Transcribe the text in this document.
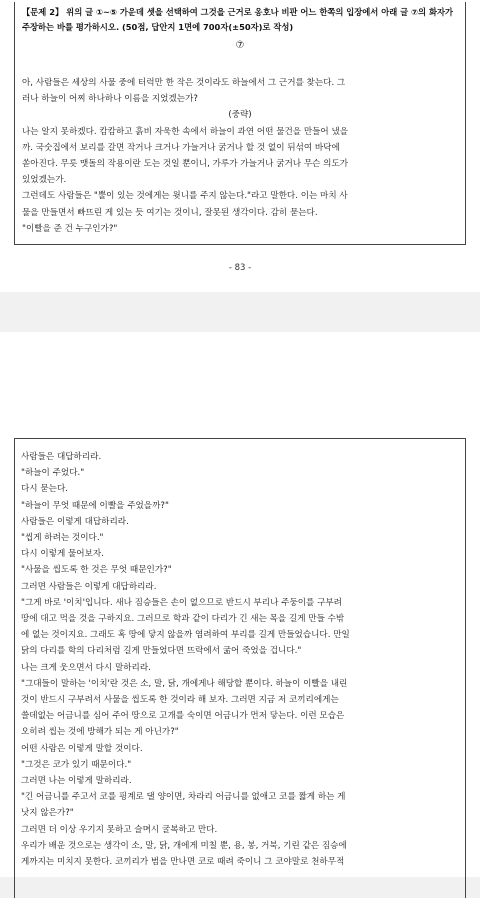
【문제 2】 위의 글 ①~⑤ 가운데 셋을 선택하여 그것을 근거로 옹호나 비판 어느 한쪽의 입장에서 아래 글 ⑦의 화자가 주장하는 바를 평가하시오. (50점, 답안지 1면에 700자(±50자)로 작성)
⑦
아, 사람들은 세상의 사물 중에 터럭만 한 작은 것이라도 하늘에서 그 근거를 찾는다. 그
러나 하늘이 어찌 하나하나 이름을 지었겠는가?
(중략)
나는 알지 못하겠다. 캄캄하고 흙비 자욱한 속에서 하늘이 과연 어떤 물건을 만들어 냈을
까. 국숫집에서 보리를 갈면 작거나 크거나 가늘거나 굵거나 할 것 없이 뒤섞여 바닥에
쏟아진다. 무릇 맷돌의 작용이란 도는 것일 뿐이니, 가루가 가늘거나 굵거나 무슨 의도가
있었겠는가.
그런데도 사람들은 "뿔이 있는 것에게는 윗니를 주지 않는다."라고 말한다. 이는 마치 사
물을 만들면서 빠뜨린 게 있는 듯 여기는 것이니, 잘못된 생각이다. 감히 묻는다.
"이빨을 준 건 누구인가?"
- 83 -
사람들은 대답하리라.
"하늘이 주었다."
다시 묻는다.
"하늘이 무엇 때문에 이빨을 주었을까?"
사람들은 이렇게 대답하리라.
"씹게 하려는 것이다."
다시 이렇게 물어보자.
"사물을 씹도록 한 것은 무엇 때문인가?"
그러면 사람들은 이렇게 대답하리라.
"그게 바로 '이치'입니다. 새나 짐승들은 손이 없으므로 반드시 부리나 주둥이를 구부려
땅에 대고 먹을 것을 구하지요. 그러므로 학과 같이 다리가 긴 새는 목을 길게 만들 수밖
에 없는 것이지요. 그래도 혹 땅에 닿지 않을까 염려하여 부리를 길게 만들었습니다. 만일
닭의 다리를 학의 다리처럼 길게 만들었다면 뜨락에서 굶어 죽었을 겁니다."
나는 크게 웃으면서 다시 말하리라.
"그대들이 말하는 '이치'란 것은 소, 말, 닭, 개에게나 해당할 뿐이다. 하늘이 이빨을 내린
것이 반드시 구부려서 사물을 씹도록 한 것이라 해 보자. 그러면 지금 저 코끼리에게는
쓸데없는 어금니를 심어 주어 땅으로 고개를 숙이면 어금니가 먼저 닿는다. 이런 모습은
오히려 씹는 것에 방해가 되는 게 아닌가?"
어떤 사람은 이렇게 말할 것이다.
"그것은 코가 있기 때문이다."
그러면 나는 이렇게 말하리라.
"긴 어금니를 주고서 코를 핑계로 댈 양이면, 차라리 어금니를 없애고 코를 짧게 하는 게
낫지 않은가?"
그러면 더 이상 우기지 못하고 슬며시 굴복하고 만다.
우리가 배운 것으로는 생각이 소, 말, 닭, 개에게 미칠 뿐, 용, 봉, 거북, 기린 같은 짐승에
게까지는 미치지 못한다. 코끼리가 범을 만나면 코로 때려 죽이니 그 코야말로 천하무적
